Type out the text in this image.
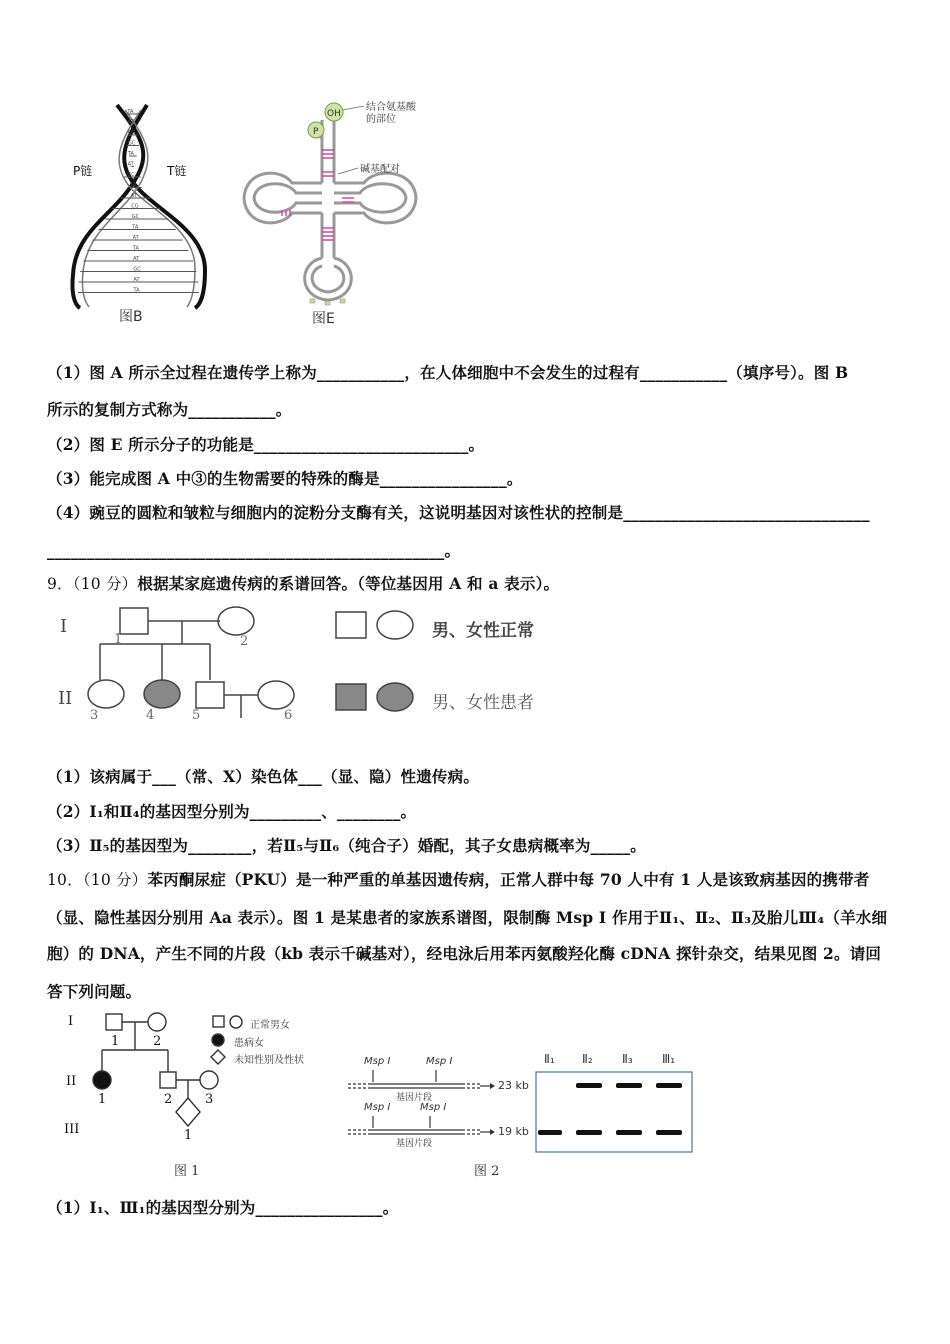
TA
AT
CG
GC
TA
AT
GC
TA
AT
CG
GC
TA
AT
TA
AT
GC
AT
TA
P链	T链
图B
OH
P
结合氨基酸
的部位
碱基配对
图E
（1）图 A 所示全过程在遗传学上称为___________，在人体细胞中不会发生的过程有___________（填序号）。图 B
所示的复制方式称为___________。
（2）图 E 所示分子的功能是___________________________。
（3）能完成图 A 中③的生物需要的特殊的酶是________________。
（4）豌豆的圆粒和皱粒与细胞内的淀粉分支酶有关，这说明基因对该性状的控制是_______________________________
__________________________________________________。
9．（10 分）根据某家庭遗传病的系谱回答。（等位基因用 A 和 a 表示）。
I
II
1	2
3	4	5	6
男、女性正常
男、女性患者
（1）该病属于___（常、X）染色体___（显、隐）性遗传病。
（2）Ⅰ₁和Ⅱ₄的基因型分别为_________、________。
（3）Ⅱ₅的基因型为________，若Ⅱ₅与Ⅱ₆（纯合子）婚配，其子女患病概率为_____。
10．（10 分）苯丙酮尿症（PKU）是一种严重的单基因遗传病，正常人群中每 70 人中有 1 人是该致病基因的携带者
（显、隐性基因分别用 Aa 表示）。图 1 是某患者的家族系谱图，限制酶 Msp I 作用于Ⅱ₁、Ⅱ₂、Ⅱ₃及胎儿Ⅲ₄（羊水细
胞）的 DNA，产生不同的片段（kb 表示千碱基对），经电泳后用苯丙氨酸羟化酶 cDNA 探针杂交，结果见图 2。请回
答下列问题。
I
II
III
1	2
1	2	3
1
正常男女
患病女
未知性别及性状
图 1
Msp I	Msp I
基因片段
Msp I	Msp I
基因片段
23 kb
19 kb
Ⅱ₁ Ⅱ₂ Ⅱ₃ Ⅲ₁
图 2
（1）I₁、Ⅲ₁的基因型分别为________________。
